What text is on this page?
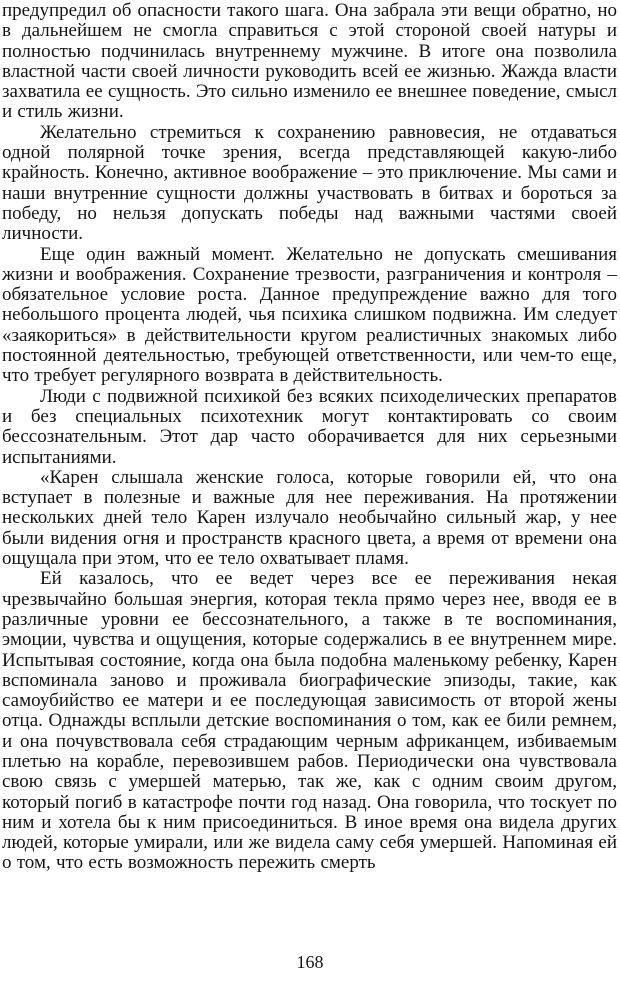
предупредил об опасности такого шага. Она забрала эти вещи обратно, но в дальнейшем не смогла справиться с этой стороной своей натуры и полностью подчинилась внутреннему мужчине. В итоге она позволила властной части своей личности руководить всей ее жизнью. Жажда власти захватила ее сущность. Это сильно изменило ее внешнее поведение, смысл и стиль жизни.

Желательно стремиться к сохранению равновесия, не отдаваться одной полярной точке зрения, всегда представляющей какую-либо крайность. Конечно, активное воображение – это приключение. Мы сами и наши внутренние сущности должны участвовать в битвах и бороться за победу, но нельзя допускать победы над важными частями своей личности.

Еще один важный момент. Желательно не допускать смешивания жизни и воображения. Сохранение трезвости, разграничения и контроля – обязательное условие роста. Данное предупреждение важно для того небольшого процента людей, чья психика слишком подвижна. Им следует «заякориться» в действительности кругом реалистичных знакомых либо постоянной деятельностью, требующей ответственности, или чем-то еще, что требует регулярного возврата в действительность.

Люди с подвижной психикой без всяких психоделических препаратов и без специальных психотехник могут контактировать со своим бессознательным. Этот дар часто оборачивается для них серьезными испытаниями.

«Карен слышала женские голоса, которые говорили ей, что она вступает в полезные и важные для нее переживания. На протяжении нескольких дней тело Карен излучало необычайно сильный жар, у нее были видения огня и пространств красного цвета, а время от времени она ощущала при этом, что ее тело охватывает пламя.

Ей казалось, что ее ведет через все ее переживания некая чрезвычайно большая энергия, которая текла прямо через нее, вводя ее в различные уровни ее бессознательного, а также в те воспоминания, эмоции, чувства и ощущения, которые содержались в ее внутреннем мире. Испытывая состояние, когда она была подобна маленькому ребенку, Карен вспоминала заново и проживала биографические эпизоды, такие, как самоубийство ее матери и ее последующая зависимость от второй жены отца. Однажды всплыли детские воспоминания о том, как ее били ремнем, и она почувствовала себя страдающим черным африканцем, избиваемым плетью на корабле, перевозившем рабов. Периодически она чувствовала свою связь с умершей матерью, так же, как с одним своим другом, который погиб в катастрофе почти год назад. Она говорила, что тоскует по ним и хотела бы к ним присоединиться. В иное время она видела других людей, которые умирали, или же видела саму себя умершей. Напоминая ей о том, что есть возможность пережить смерть

168
